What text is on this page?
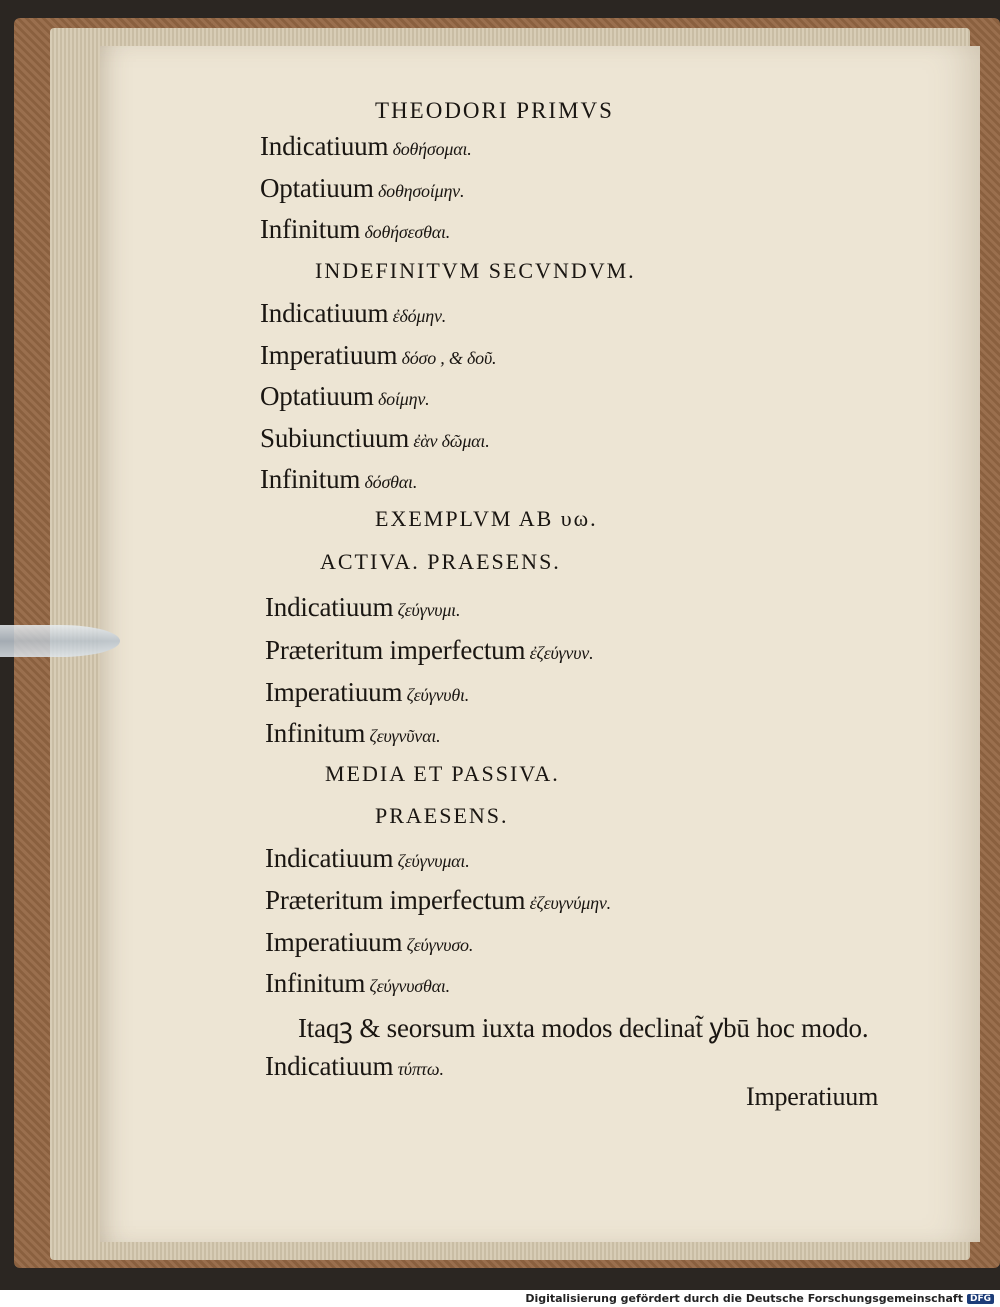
THEODORI PRIMVS
Indicatiuum δοθήσομαι.
Optatiuum δοθησοίμην.
Infinitum δοθήσεσθαι.
INDEFINITVM SECVNDVM.
Indicatiuum ἐδόμην.
Imperatiuum δόσο , & δοῦ.
Optatiuum δοίμην.
Subiunctiuum ἐὰν δῶμαι.
Infinitum δόσθαι.
EXEMPLVM AB υω.
ACTIVA. PRAESENS.
Indicatiuum ζεύγνυμι.
Præteritum imperfectum ἐζεύγνυν.
Imperatiuum ζεύγνυθι.
Infinitum ζευγνῦναι.
MEDIA ET PASSIVA.
PRAESENS.
Indicatiuum ζεύγνυμαι.
Præteritum imperfectum ἐζευγνύμην.
Imperatiuum ζεύγνυσο.
Infinitum ζεύγνυσθαι.
Itaqꝫ & seorsum iuxta modos declinat̃ ỿbū hoc modo.
Indicatiuum τύπτω.
Imperatiuum
Digitalisierung gefördert durch die Deutsche Forschungsgemeinschaft DFG
